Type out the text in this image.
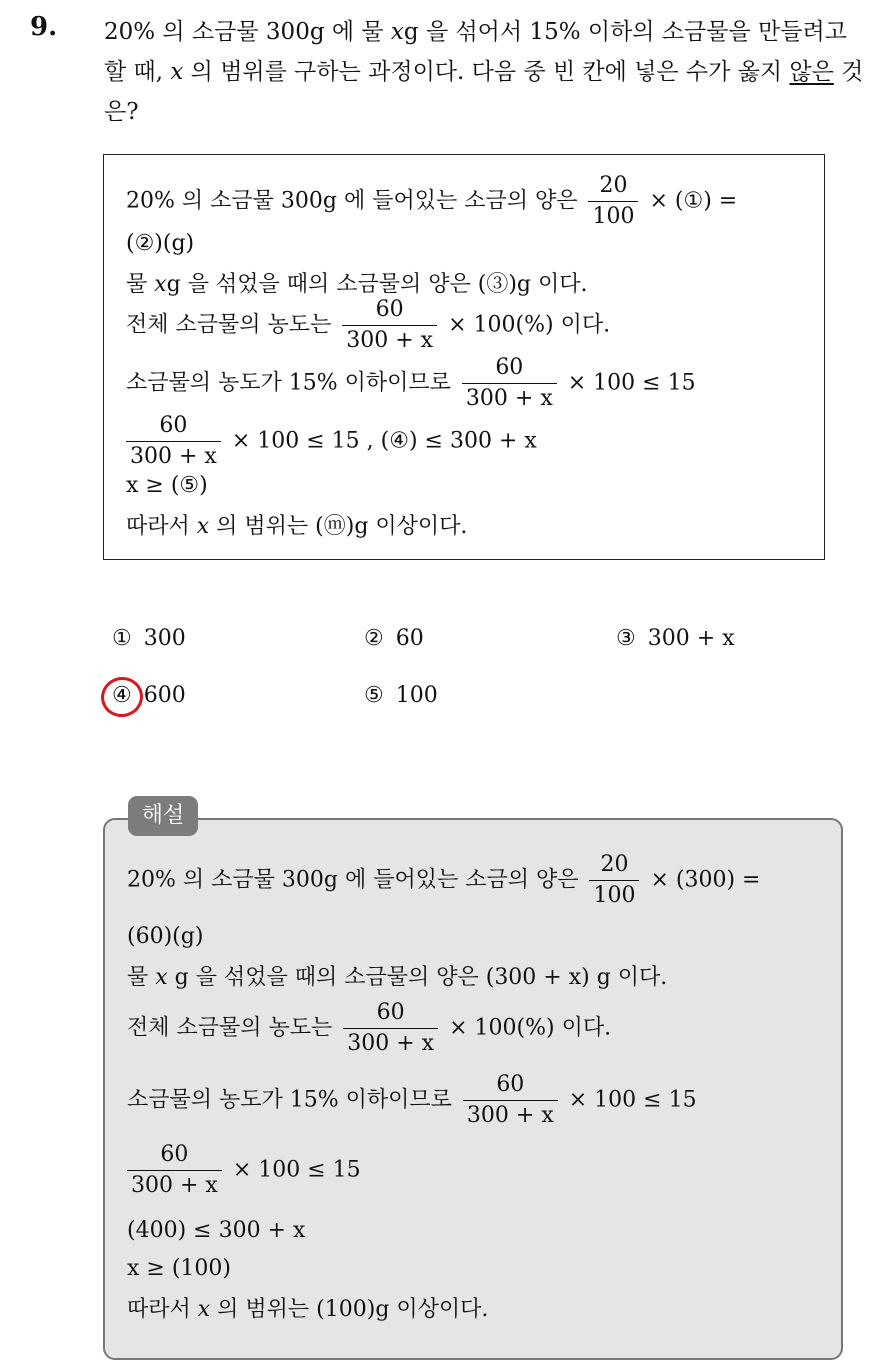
9. 20% 의 소금물 300g 에 물 xg 을 섞어서 15% 이하의 소금물을 만들려고 할 때, x 의 범위를 구하는 과정이다. 다음 중 빈 칸에 넣은 수가 옳지 않은 것은?
20% 의 소금물 300g 에 들어있는 소금의 양은 $\frac{20}{100}$ × (①) =
(②)(g)
물 xg 을 섞었을 때의 소금물의 양은 (③)g 이다.
전체 소금물의 농도는 $\frac{60}{300 + x} \times 100(\%)$ 이다.
소금물의 농도가 15% 이하이므로 $\frac{60}{300 + x} \times 100 \le 15$
$\frac{60}{300 + x} \times 100 \le 15$ , (④) ≤ 300 + x
x ≥ (⑤)
따라서 x 의 범위는 (ⓜ)g 이상이다.
① 300	② 60	③ 300 + x
④ 600	⑤ 100
20% 의 소금물 300g 에 들어있는 소금의 양은 $\frac{20}{100} \times (300)$ =
(60)(g)
물 x g 을 섞었을 때의 소금물의 양은 (300 + x) g 이다.
전체 소금물의 농도는 $\frac{60}{300 + x} \times 100(\%)$ 이다.
소금물의 농도가 15% 이하이므로 $\frac{60}{300 + x} \times 100 \le 15$
$\frac{60}{300 + x} \times 100 \le 15$
(400) ≤ 300 + x
x ≥ (100)
따라서 x 의 범위는 (100)g 이상이다.
해설
